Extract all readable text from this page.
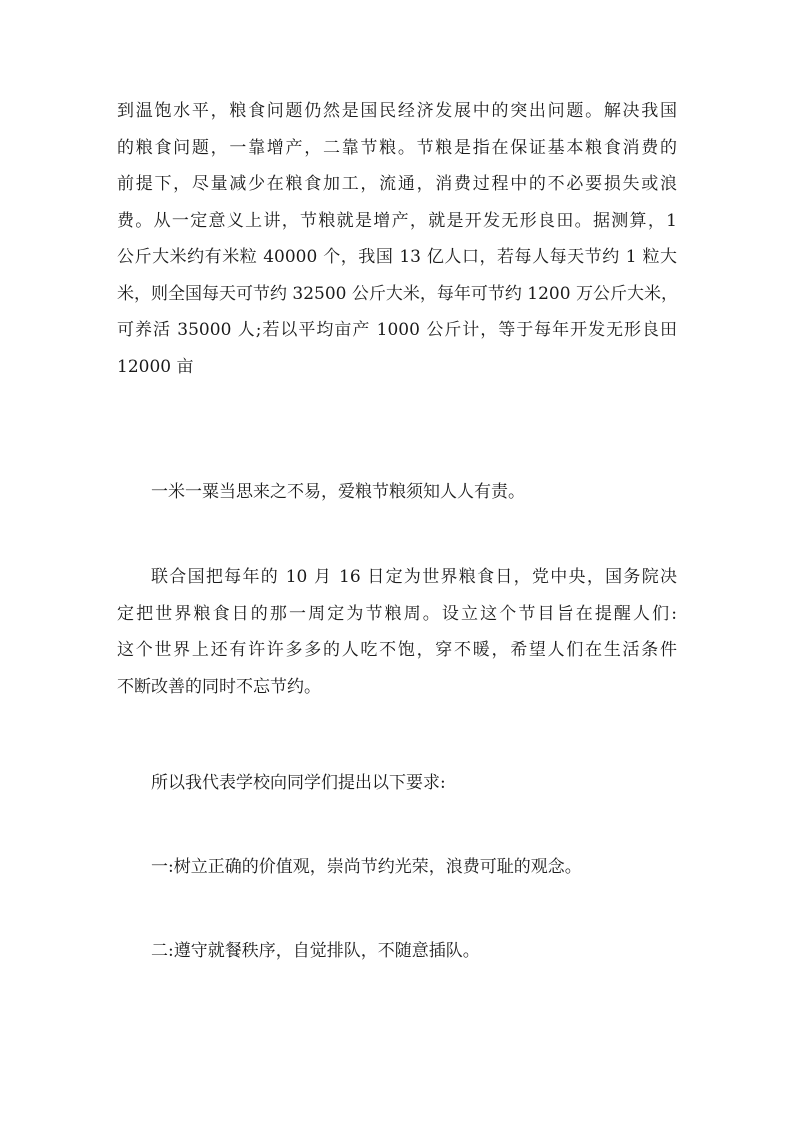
到温饱水平，粮食问题仍然是国民经济发展中的突出问题。解决我国
的粮食问题，一靠增产，二靠节粮。节粮是指在保证基本粮食消费的
前提下，尽量减少在粮食加工，流通，消费过程中的不必要损失或浪
费。从一定意义上讲，节粮就是增产，就是开发无形良田。据测算，1
公斤大米约有米粒 40000 个，我国 13 亿人口，若每人每天节约 1 粒大
米，则全国每天可节约 32500 公斤大米，每年可节约 1200 万公斤大米，
可养活 35000 人;若以平均亩产 1000 公斤计，等于每年开发无形良田
12000 亩
一米一粟当思来之不易，爱粮节粮须知人人有责。
联合国把每年的 10 月 16 日定为世界粮食日，党中央，国务院决
定把世界粮食日的那一周定为节粮周。设立这个节目旨在提醒人们:
这个世界上还有许许多多的人吃不饱，穿不暖，希望人们在生活条件
不断改善的同时不忘节约。
所以我代表学校向同学们提出以下要求:
一:树立正确的价值观，崇尚节约光荣，浪费可耻的观念。
二:遵守就餐秩序，自觉排队，不随意插队。
